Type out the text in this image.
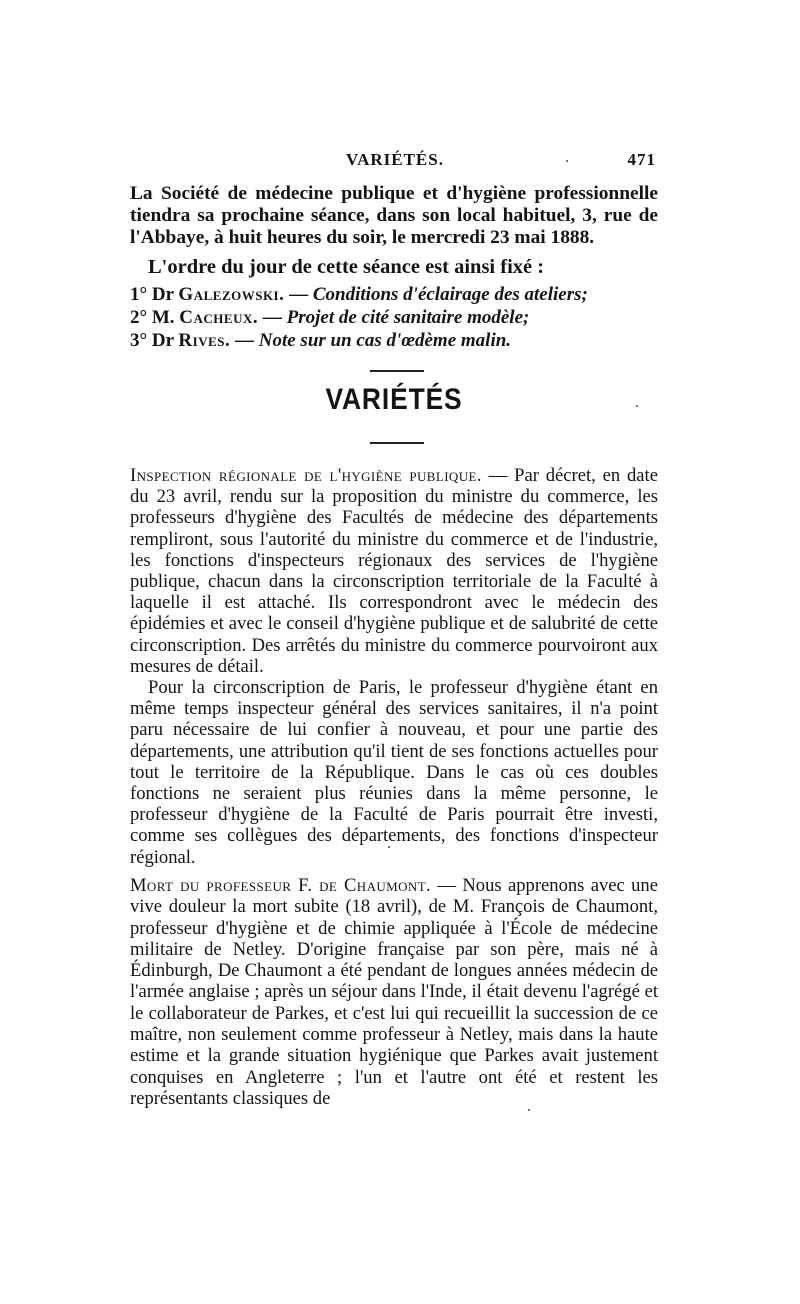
VARIÉTÉS.	471

La Société de médecine publique et d'hygiène professionnelle tiendra sa prochaine séance, dans son local habituel, 3, rue de l'Abbaye, à huit heures du soir, le mercredi 23 mai 1888.

L'ordre du jour de cette séance est ainsi fixé :

1° Dr Galezowski. — Conditions d'éclairage des ateliers;
2° M. Cacheux. — Projet de cité sanitaire modèle;
3° Dr Rives. — Note sur un cas d'œdème malin.
VARIÉTÉS

Inspection régionale de l'hygiène publique. — Par décret, en date du 23 avril, rendu sur la proposition du ministre du commerce, les professeurs d'hygiène des Facultés de médecine des départements rempliront, sous l'autorité du ministre du commerce et de l'industrie, les fonctions d'inspecteurs régionaux des services de l'hygiène publique, chacun dans la circonscription territoriale de la Faculté à laquelle il est attaché. Ils correspondront avec le médecin des épidémies et avec le conseil d'hygiène publique et de salubrité de cette circonscription. Des arrêtés du ministre du commerce pourvoiront aux mesures de détail.

Pour la circonscription de Paris, le professeur d'hygiène étant en même temps inspecteur général des services sanitaires, il n'a point paru nécessaire de lui confier à nouveau, et pour une partie des départements, une attribution qu'il tient de ses fonctions actuelles pour tout le territoire de la République. Dans le cas où ces doubles fonctions ne seraient plus réunies dans la même personne, le professeur d'hygiène de la Faculté de Paris pourrait être investi, comme ses collègues des départements, des fonctions d'inspecteur régional.

Mort du professeur F. de Chaumont. — Nous apprenons avec une vive douleur la mort subite (18 avril), de M. François de Chaumont, professeur d'hygiène et de chimie appliquée à l'École de médecine militaire de Netley. D'origine française par son père, mais né à Édinburgh, De Chaumont a été pendant de longues années médecin de l'armée anglaise ; après un séjour dans l'Inde, il était devenu l'agrégé et le collaborateur de Parkes, et c'est lui qui recueillit la succession de ce maître, non seulement comme professeur à Netley, mais dans la haute estime et la grande situation hygiénique que Parkes avait justement conquises en Angleterre ; l'un et l'autre ont été et restent les représentants classiques de
